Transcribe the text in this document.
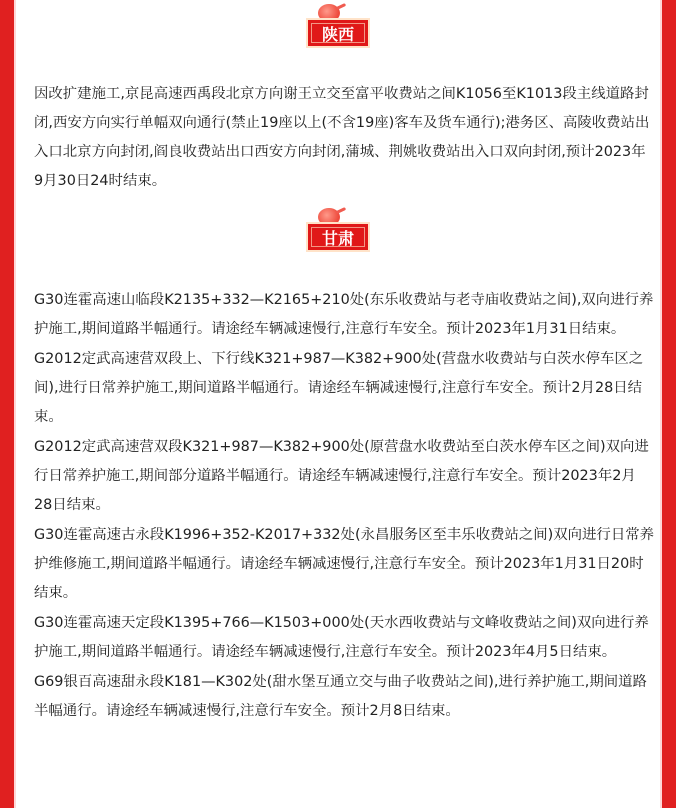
陕西

因改扩建施工,京昆高速西禹段北京方向谢王立交至富平收费站之间K1056至K1013段主线道路封闭,西安方向实行单幅双向通行(禁止19座以上(不含19座)客车及货车通行);港务区、高陵收费站出入口北京方向封闭,阎良收费站出口西安方向封闭,蒲城、荆姚收费站出入口双向封闭,预计2023年9月30日24时结束。

甘肃

G30连霍高速山临段K2135+332—K2165+210处(东乐收费站与老寺庙收费站之间),双向进行养护施工,期间道路半幅通行。请途经车辆减速慢行,注意行车安全。预计2023年1月31日结束。

G2012定武高速营双段上、下行线K321+987—K382+900处(营盘水收费站与白茨水停车区之间),进行日常养护施工,期间道路半幅通行。请途经车辆减速慢行,注意行车安全。预计2月28日结束。

G2012定武高速营双段K321+987—K382+900处(原营盘水收费站至白茨水停车区之间)双向进行日常养护施工,期间部分道路半幅通行。请途经车辆减速慢行,注意行车安全。预计2023年2月28日结束。

G30连霍高速古永段K1996+352-K2017+332处(永昌服务区至丰乐收费站之间)双向进行日常养护维修施工,期间道路半幅通行。请途经车辆减速慢行,注意行车安全。预计2023年1月31日20时结束。

G30连霍高速天定段K1395+766—K1503+000处(天水西收费站与文峰收费站之间)双向进行养护施工,期间道路半幅通行。请途经车辆减速慢行,注意行车安全。预计2023年4月5日结束。

G69银百高速甜永段K181—K302处(甜水堡互通立交与曲子收费站之间),进行养护施工,期间道路半幅通行。请途经车辆减速慢行,注意行车安全。预计2月8日结束。
